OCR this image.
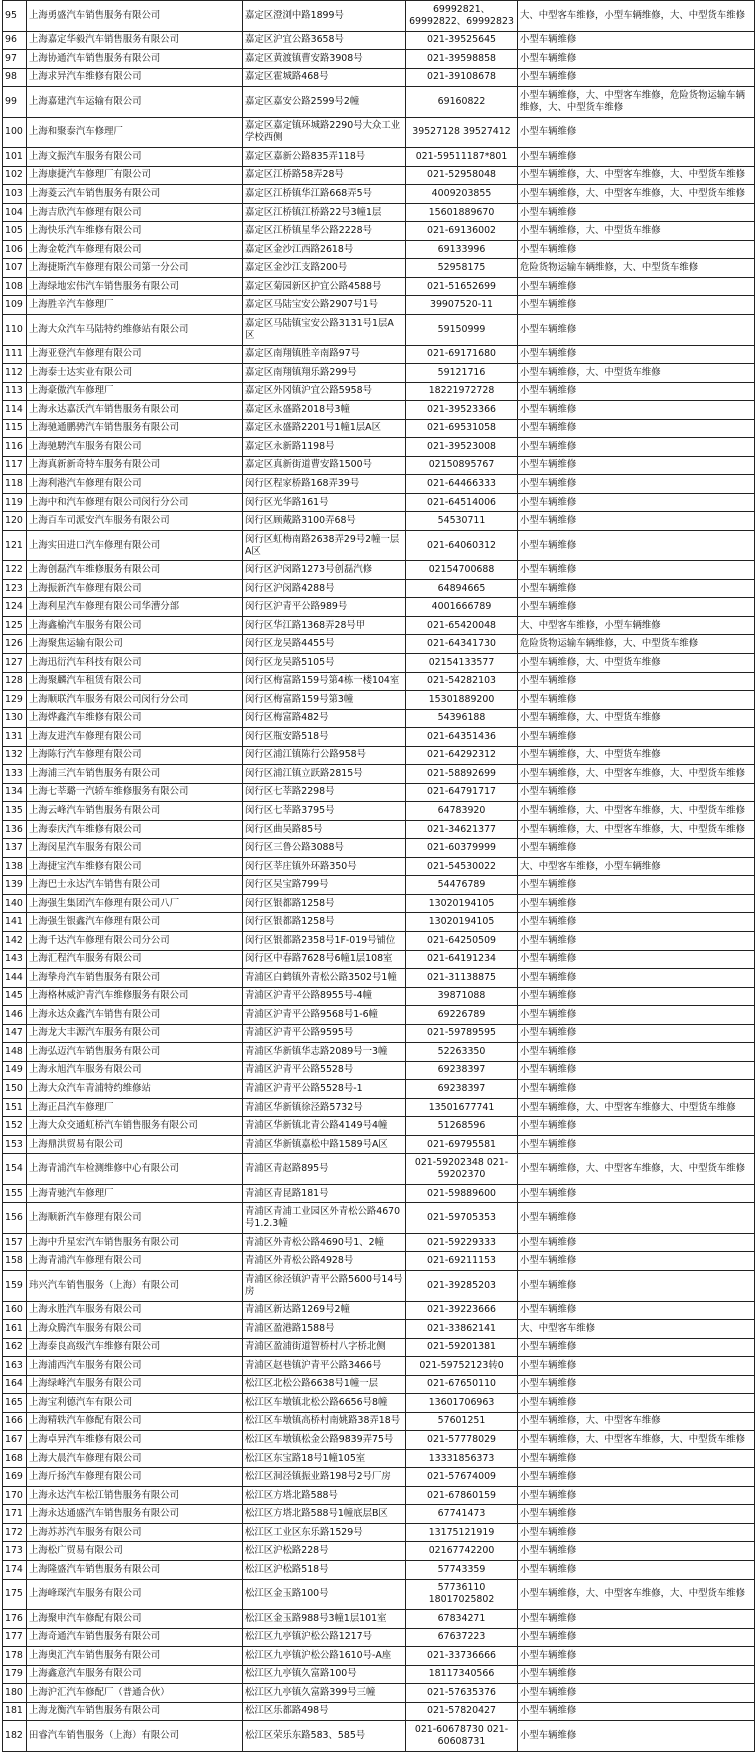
95	上海勇盛汽车销售服务有限公司	嘉定区澄浏中路1899号	69992821、69992822、69992823	大、中型客车维修，小型车辆维修，大、中型货车维修
96	上海嘉定华毅汽车销售服务有限公司	嘉定区沪宜公路3658号	021-39525645	小型车辆维修
97	上海协通汽车销售服务有限公司	嘉定区黄渡镇曹安路3908号	021-39598858	小型车辆维修
98	上海求异汽车维修有限公司	嘉定区霍城路468号	021-39108678	小型车辆维修
99	上海嘉建汽车运输有限公司	嘉定区嘉安公路2599号2幢	69160822	小型车辆维修，大、中型客车维修，危险货物运输车辆维修，大、中型货车维修
100	上海和聚泰汽车修理厂	嘉定区嘉定镇环城路2290号大众工业学校西侧	39527128 39527412	小型车辆维修
101	上海文振汽车服务有限公司	嘉定区嘉新公路835弄118号	021-59511187*801	小型车辆维修
102	上海康捷汽车修理厂有限公司	嘉定区江桥路58弄28号	021-52958048	小型车辆维修，大、中型客车维修，大、中型货车维修
103	上海菱云汽车销售服务有限公司	嘉定区江桥镇华江路668弄5号	4009203855	小型车辆维修，大、中型客车维修，大、中型货车维修
104	上海吉欣汽车修理有限公司	嘉定区江桥镇江桥路22号3幢1层	15601889670	小型车辆维修
105	上海快乐汽车维修有限公司	嘉定区江桥镇星华公路2228号	021-69136002	小型车辆维修，大、中型货车维修
106	上海金乾汽车修理有限公司	嘉定区金沙江西路2618号	69133996	小型车辆维修
107	上海捷斯汽车修理有限公司第一分公司	嘉定区金沙江支路200号	52958175	危险货物运输车辆维修，大、中型货车维修
108	上海绿地宏伟汽车销售服务有限公司	嘉定区菊园新区护宜公路4588号	021-51652699	小型车辆维修
109	上海胜辛汽车修理厂	嘉定区马陆宝安公路2907号1号	39907520-11	小型车辆维修
110	上海大众汽车马陆特约维修站有限公司	嘉定区马陆镇宝安公路3131号1层A区	59150999	小型车辆维修
111	上海亚登汽车修理有限公司	嘉定区南翔镇胜辛南路97号	021-69171680	小型车辆维修
112	上海泰士达实业有限公司	嘉定区南翔镇翔乐路299号	59121716	小型车辆维修，大、中型货车维修
113	上海豪傲汽车修理厂	嘉定区外冈镇沪宜公路5958号	18221972728	小型车辆维修
114	上海永达嘉沃汽车销售服务有限公司	嘉定区永盛路2018号3幢	021-39523366	小型车辆维修
115	上海驰通鹏骋汽车销售服务有限公司	嘉定区永盛路2201号1幢1层A区	021-69531058	小型车辆维修
116	上海驰騁汽车服务有限公司	嘉定区永新路1198号	021-39523008	小型车辆维修
117	上海真新新奇特车服务有限公司	嘉定区真新街道曹安路1500号	02150895767	小型车辆维修
118	上海利港汽车修理有限公司	闵行区程家桥路168弄39号	021-64466333	小型车辆维修
119	上海中和汽车修理有限公司闵行分公司	闵行区光华路161号	021-64514006	小型车辆维修
120	上海百车司派安汽车服务有限公司	闵行区顾戴路3100弄68号	54530711	小型车辆维修
121	上海实田进口汽车修理有限公司	闵行区虹梅南路2638弄29号2幢一层A区	021-64060312	小型车辆维修
122	上海创磊汽车维修服务有限公司	闵行区沪闵路1273号创磊汽修	02154700688	小型车辆维修
123	上海振新汽车修理有限公司	闵行区沪闵路4288号	64894665	小型车辆维修
124	上海利星汽车修理有限公司华漕分部	闵行区沪青平公路989号	4001666789	小型车辆维修
125	上海鑫榆汽车服务有限公司	闵行区华江路1368弄28号甲	021-65420048	大、中型客车维修，小型车辆维修
126	上海聚焦运输有限公司	闵行区龙吴路4455号	021-64341730	危险货物运输车辆维修，大、中型货车维修
127	上海迅衍汽车科技有限公司	闵行区龙吴路5105号	02154133577	小型车辆维修，大、中型货车维修
128	上海聚麟汽车租赁有限公司	闵行区梅富路159号第4栋一楼104室	021-54282103	小型车辆维修
129	上海顺联汽车服务有限公司闵行分公司	闵行区梅富路159号第3幢	15301889200	小型车辆维修
130	上海烨鑫汽车维修有限公司	闵行区梅富路482号	54396188	小型车辆维修，大、中型货车维修
131	上海友进汽车修理有限公司	闵行区瓶安路518号	021-64351436	小型车辆维修
132	上海陈行汽车修理有限公司	闵行区浦江镇陈行公路958号	021-64292312	小型车辆维修，大、中型货车维修
133	上海浦三汽车销售服务有限公司	闵行区浦江镇立跃路2815号	021-58892699	小型车辆维修，大、中型客车维修，大、中型货车维修
134	上海七莘璐一汽轿车维修服务有限公司	闵行区七莘路2298号	021-64791717	小型车辆维修
135	上海云峰汽车销售服务有限公司	闵行区七莘路3795号	64783920	小型车辆维修，大、中型客车维修，大、中型货车维修
136	上海泰庆汽车维修有限公司	闵行区曲吴路85号	021-34621377	小型车辆维修，大、中型客车维修，大、中型货车维修
137	上海闵星汽车服务有限公司	闵行区三鲁公路3088号	021-60379999	小型车辆维修
138	上海捷宝汽车维修有限公司	闵行区莘庄镇外环路350号	021-54530022	大、中型客车维修，小型车辆维修
139	上海巴士永达汽车销售有限公司	闵行区吴宝路799号	54476789	小型车辆维修
140	上海强生集团汽车修理有限公司八厂	闵行区银都路1258号	13020194105	小型车辆维修
141	上海强生银鑫汽车修理有限公司	闵行区银都路1258号	13020194105	小型车辆维修
142	上海千达汽车修理有限公司分公司	闵行区银都路2358号1F-019号铺位	021-64250509	小型车辆维修
143	上海汇程汽车服务有限公司	闵行区中春路7628号6幢1层108室	021-64191234	小型车辆维修
144	上海挚舟汽车销售服务有限公司	青浦区白鹤镇外青松公路3502号1幢	021-31138875	小型车辆维修
145	上海格林威沪青汽车维修服务有限公司	青浦区沪青平公路8955号-4幢	39871088	小型车辆维修
146	上海永达众鑫汽车销售有限公司	青浦区沪青平公路9568号1-6幢	69226789	小型车辆维修
147	上海龙大丰源汽车服务有限公司	青浦区沪青平公路9595号	021-59789595	小型车辆维修
148	上海弘迈汽车销售服务有限公司	青浦区华新镇华志路2089号一3幢	52263350	小型车辆维修
149	上海永旭汽车服务有限公司	青浦区沪青平公路5528号	69238397	小型车辆维修
150	上海大众汽车青浦特约维修站	青浦区沪青平公路5528号-1	69238397	小型车辆维修
151	上海正昌汽车修理厂	青浦区华新镇徐泾路5732号	13501677741	小型车辆维修，大、中型客车维修大、中型货车维修
152	上海大众交通虹桥汽车销售服务有限公司	青浦区华新镇北青公路4149号4幢	51268596	小型车辆维修
153	上海鼎洪贸易有限公司	青浦区华新镇嘉松中路1589号A区	021-69795581	小型车辆维修
154	上海青浦汽车检测维修中心有限公司	青浦区青赵路895号	021-59202348 021-59202370	小型车辆维修，大、中型客车维修，大、中型货车维修
155	上海青驰汽车修理厂	青浦区青昆路181号	021-59889600	小型车辆维修
156	上海顺新汽车修理有限公司	青浦区青浦工业园区外青松公路4670号1.2.3幢	021-59705353	小型车辆维修
157	上海中升星宏汽车销售服务有限公司	青浦区外青松公路4690号1、2幢	021-59229333	小型车辆维修
158	上海青浦汽车修理有限公司	青浦区外青松公路4928号	021-69211153	小型车辆维修
159	玮兴汽车销售服务（上海）有限公司	青浦区徐泾镇沪青平公路5600号14号房	021-39285203	小型车辆维修
160	上海永胜汽车服务有限公司	青浦区新达路1269号2幢	021-39223666	小型车辆维修
161	上海众腾汽车服务有限公司	青浦区盈港路1588号	021-33862141	大、中型客车维修
162	上海泰良高级汽车维修有限公司	青浦区盈浦街道智桥村八字桥北侧	021-59201381	小型车辆维修
163	上海浦西汽车服务有限公司	青浦区赵巷镇沪青平公路3466号	021-59752123转0	小型车辆维修
164	上海绿峰汽车服务有限公司	松江区北松公路6638号1幢一层	021-67650110	小型车辆维修
165	上海宝利德汽车有限公司	松江区车墩镇北松公路6656号8幢	13601706963	小型车辆维修
166	上海精轶汽车修配有限公司	松江区车墩镇高桥村南姚路38弄18号	57601251	小型车辆维修，大、中型客车维修
167	上海卓异汽车维修有限公司	松江区车墩镇松金公路9839弄75号	021-57778029	小型车辆维修，大、中型客车维修，大、中型货车维修
168	上海大晨汽车修理有限公司	松江区东宝路18号1幢105室	13331856373	小型车辆维修
169	上海斤扬汽车修理有限公司	松江区洞泾镇振业路198号2号厂房	021-57674009	小型车辆维修
170	上海永达汽车松江销售服务有限公司	松江区方塔北路588号	021-67860159	小型车辆维修
171	上海永达通盛汽车销售服务有限公司	松江区方塔北路588号1幢底层B区	67741473	小型车辆维修
172	上海苏苏汽车服务有限公司	松江区工业区东乐路1529号	13175121919	小型车辆维修
173	上海松广贸易有限公司	松江区沪松路228号	02167742200	小型车辆维修
174	上海隆盛汽车销售服务有限公司	松江区沪松路518号	57743359	小型车辆维修
175	上海峰琛汽车服务有限公司	松江区金玉路100号	57736110 18017025802	小型车辆维修，大、中型客车维修，大、中型货车维修
176	上海聚申汽车修配有限公司	松江区金玉路988号3幢1层101室	67834271	小型车辆维修
177	上海奇通汽车销售服务有限公司	松江区九亭镇沪松公路1217号	67637223	小型车辆维修
178	上海奥汇汽车销售服务有限公司	松江区九亭镇沪松公路1610号-A座	021-33736666	小型车辆维修
179	上海鑫意汽车服务有限公司	松江区九亭镇久富路100号	18117340566	小型车辆维修
180	上海沪汇汽车修配厂（普通合伙）	松江区九亭镇久富路399号三幢	021-57635376	小型车辆维修
181	上海龙衡汽车销售服务有限公司	松江区乐都路498号	021-57820427	小型车辆维修
182	田睿汽车销售服务（上海）有限公司	松江区荣乐东路583、585号	021-60678730 021-60608731	小型车辆维修
